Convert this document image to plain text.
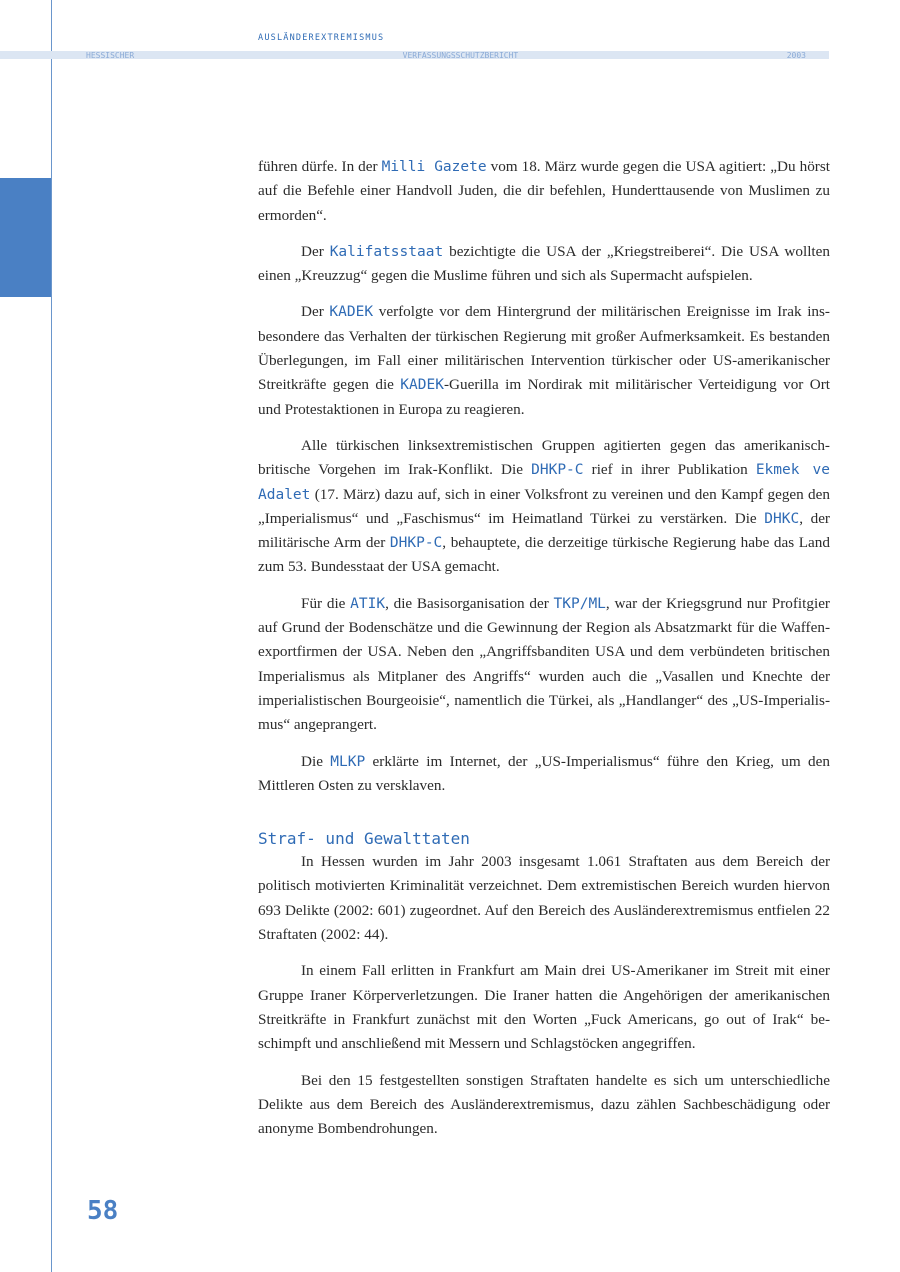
AUSLÄNDEREXTREMISMUS
HESSISCHER	VERFASSUNGSSCHUTZBERICHT	2003

führen dürfe. In der Milli Gazete vom 18. März wurde gegen die USA agitiert: „Du hörst auf die Befehle einer Handvoll Juden, die dir befehlen, Hunderttausende von Muslimen zu ermorden“.

Der Kalifatsstaat bezichtigte die USA der „Kriegstreiberei“. Die USA wollten einen „Kreuzzug“ gegen die Muslime führen und sich als Supermacht aufspielen.

Der KADEK verfolgte vor dem Hintergrund der militärischen Ereignisse im Irak insbesondere das Verhalten der türkischen Regierung mit großer Aufmerksamkeit. Es bestanden Überlegungen, im Fall einer militärischen Intervention türkischer oder US-amerikanischer Streitkräfte gegen die KADEK-Guerilla im Nordirak mit militärischer Verteidigung vor Ort und Protestaktionen in Europa zu reagieren.

Alle türkischen linksextremistischen Gruppen agitierten gegen das amerikanisch-britische Vorgehen im Irak-Konflikt. Die DHKP-C rief in ihrer Publikation Ekmek ve Adalet (17. März) dazu auf, sich in einer Volksfront zu vereinen und den Kampf gegen den „Imperialismus“ und „Faschismus“ im Heimatland Türkei zu verstärken. Die DHKC, der militärische Arm der DHKP-C, behauptete, die derzeitige türkische Regierung habe das Land zum 53. Bundesstaat der USA gemacht.

Für die ATIK, die Basisorganisation der TKP/ML, war der Kriegsgrund nur Profitgier auf Grund der Bodenschätze und die Gewinnung der Region als Absatzmarkt für die Waffen-exportfirmen der USA. Neben den „Angriffsbanditen USA und dem verbündeten britischen Imperialismus als Mitplaner des Angriffs“ wurden auch die „Vasallen und Knechte der imperialistischen Bourgeoisie“, namentlich die Türkei, als „Handlanger“ des „US-Imperialis-mus“ angeprangert.

Die MLKP erklärte im Internet, der „US-Imperialismus“ führe den Krieg, um den Mittleren Osten zu versklaven.

Straf- und Gewalttaten

In Hessen wurden im Jahr 2003 insgesamt 1.061 Straftaten aus dem Bereich der politisch motivierten Kriminalität verzeichnet. Dem extremistischen Bereich wurden hiervon 693 Delikte (2002: 601) zugeordnet. Auf den Bereich des Ausländerextremismus entfielen 22 Straftaten (2002: 44).

In einem Fall erlitten in Frankfurt am Main drei US-Amerikaner im Streit mit einer Gruppe Iraner Körperverletzungen. Die Iraner hatten die Angehörigen der amerikanischen Streitkräfte in Frankfurt zunächst mit den Worten „Fuck Americans, go out of Irak“ beschimpft und anschließend mit Messern und Schlagstöcken angegriffen.

Bei den 15 festgestellten sonstigen Straftaten handelte es sich um unterschiedliche Delikte aus dem Bereich des Ausländerextremismus, dazu zählen Sachbeschädigung oder anonyme Bombendrohungen.

58
